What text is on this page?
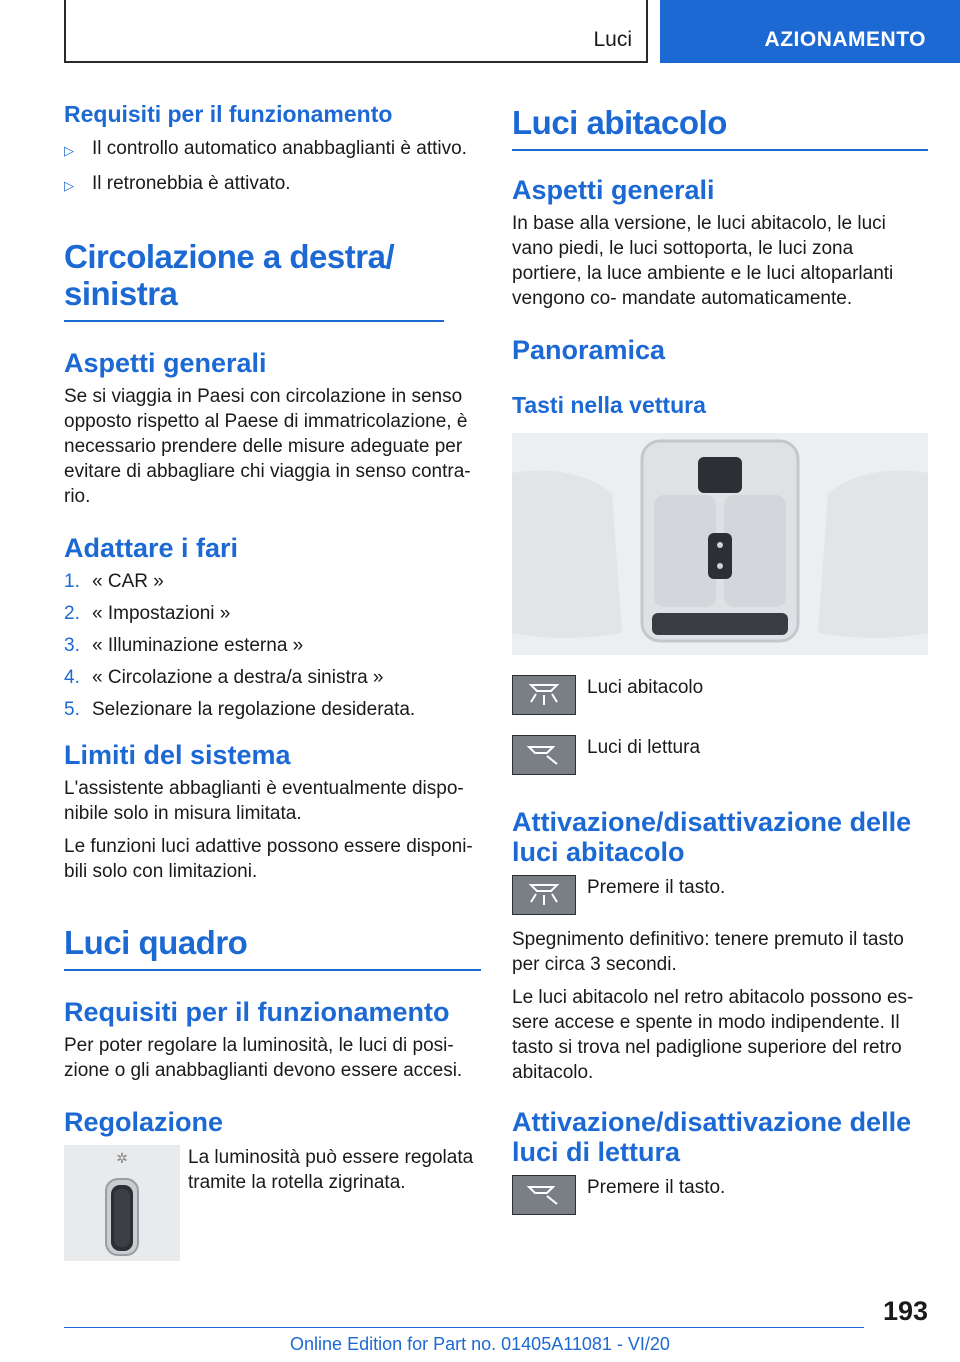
Luci	AZIONAMENTO
Requisiti per il funzionamento
▷ Il controllo automatico anabbaglianti è attivo.
▷ Il retronebbia è attivato.
Circolazione a destra/ sinistra
Aspetti generali

Se si viaggia in Paesi con circolazione in senso opposto rispetto al Paese di immatricolazione, è necessario prendere delle misure adeguate per evitare di abbagliare chi viaggia in senso contra‐ rio.

Adattare i fari
1. « CAR »
2. « Impostazioni »
3. « Illuminazione esterna »
4. « Circolazione a destra/a sinistra »
5. Selezionare la regolazione desiderata.
Limiti del sistema

L'assistente abbaglianti è eventualmente dispo‐ nibile solo in misura limitata.

Le funzioni luci adattive possono essere disponi‐ bili solo con limitazioni.

Luci quadro
Requisiti per il funzionamento

Per poter regolare la luminosità, le luci di posi‐ zione o gli anabbaglianti devono essere accesi.

Regolazione
✲	La luminosità può essere regolata tramite la rotella zigrinata.
Luci abitacolo
Aspetti generali

In base alla versione, le luci abitacolo, le luci vano piedi, le luci sottoporta, le luci zona portiere, la luce ambiente e le luci altoparlanti vengono co‐ mandate automaticamente.

Panoramica
Tasti nella vettura
Luci abitacolo
Luci di lettura
Attivazione/disattivazione delle luci abitacolo
Premere il tasto.

Spegnimento definitivo: tenere premuto il tasto per circa 3 secondi.

Le luci abitacolo nel retro abitacolo possono es‐ sere accese e spente in modo indipendente. Il tasto si trova nel padiglione superiore del retro abitacolo.

Attivazione/disattivazione delle luci di lettura
Premere il tasto.
193
Online Edition for Part no. 01405A11081 - VI/20
